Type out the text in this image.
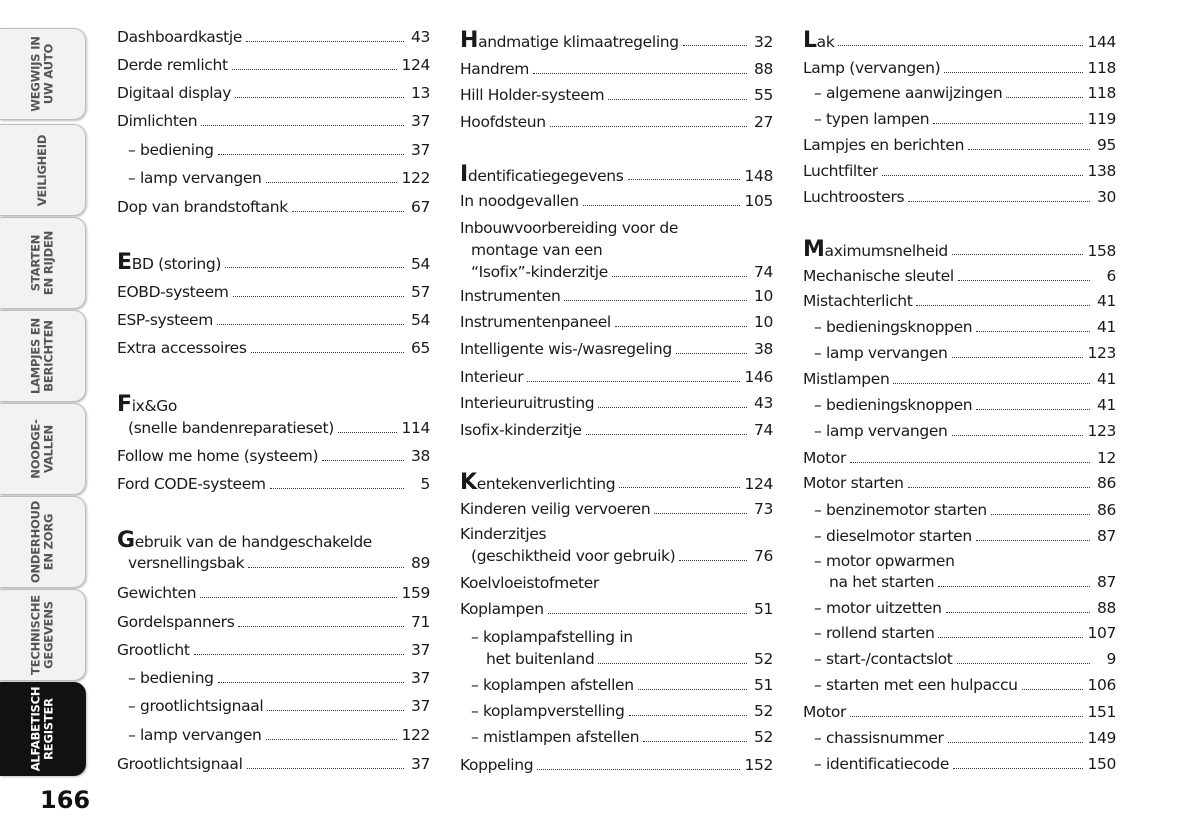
WEGWIJS IN
UW AUTO
VEILIGHEID
STARTEN
EN RIJDEN
LAMPJES EN
BERICHTEN
NOODGE-
VALLEN
ONDERHOUD
EN ZORG
TECHNISCHE
GEGEVENS
ALFABETISCH
REGISTER
166
Dashboardkastje	43
Derde remlicht	124
Digitaal display	13
Dimlichten	37
– bediening	37
– lamp vervangen	122
Dop van brandstoftank	67
EBD (storing)	54
EOBD-systeem	57
ESP-systeem	54
Extra accessoires	65
Fix&Go
(snelle bandenreparatieset)	114
Follow me home (systeem)	38
Ford CODE-systeem	5
Gebruik van de handgeschakelde
versnellingsbak	89
Gewichten	159
Gordelspanners	71
Grootlicht	37
– bediening	37
– grootlichtsignaal	37
– lamp vervangen	122
Grootlichtsignaal	37
Handmatige klimaatregeling	32
Handrem	88
Hill Holder-systeem	55
Hoofdsteun	27
Identificatiegegevens	148
In noodgevallen	105
Inbouwvoorbereiding voor de
montage van een
“Isofix”-kinderzitje	74
Instrumenten	10
Instrumentenpaneel	10
Intelligente wis-/wasregeling	38
Interieur	146
Interieuruitrusting	43
Isofix-kinderzitje	74
Kentekenverlichting	124
Kinderen veilig vervoeren	73
Kinderzitjes
(geschiktheid voor gebruik)	76
Koelvloeistofmeter
Koplampen	51
– koplampafstelling in
het buitenland	52
– koplampen afstellen	51
– koplampverstelling	52
– mistlampen afstellen	52
Koppeling	152
Lak	144
Lamp (vervangen)	118
– algemene aanwijzingen	118
– typen lampen	119
Lampjes en berichten	95
Luchtfilter	138
Luchtroosters	30
Maximumsnelheid	158
Mechanische sleutel	6
Mistachterlicht	41
– bedieningsknoppen	41
– lamp vervangen	123
Mistlampen	41
– bedieningsknoppen	41
– lamp vervangen	123
Motor	12
Motor starten	86
– benzinemotor starten	86
– dieselmotor starten	87
– motor opwarmen
na het starten	87
– motor uitzetten	88
– rollend starten	107
– start-/contactslot	9
– starten met een hulpaccu	106
Motor	151
– chassisnummer	149
– identificatiecode	150
